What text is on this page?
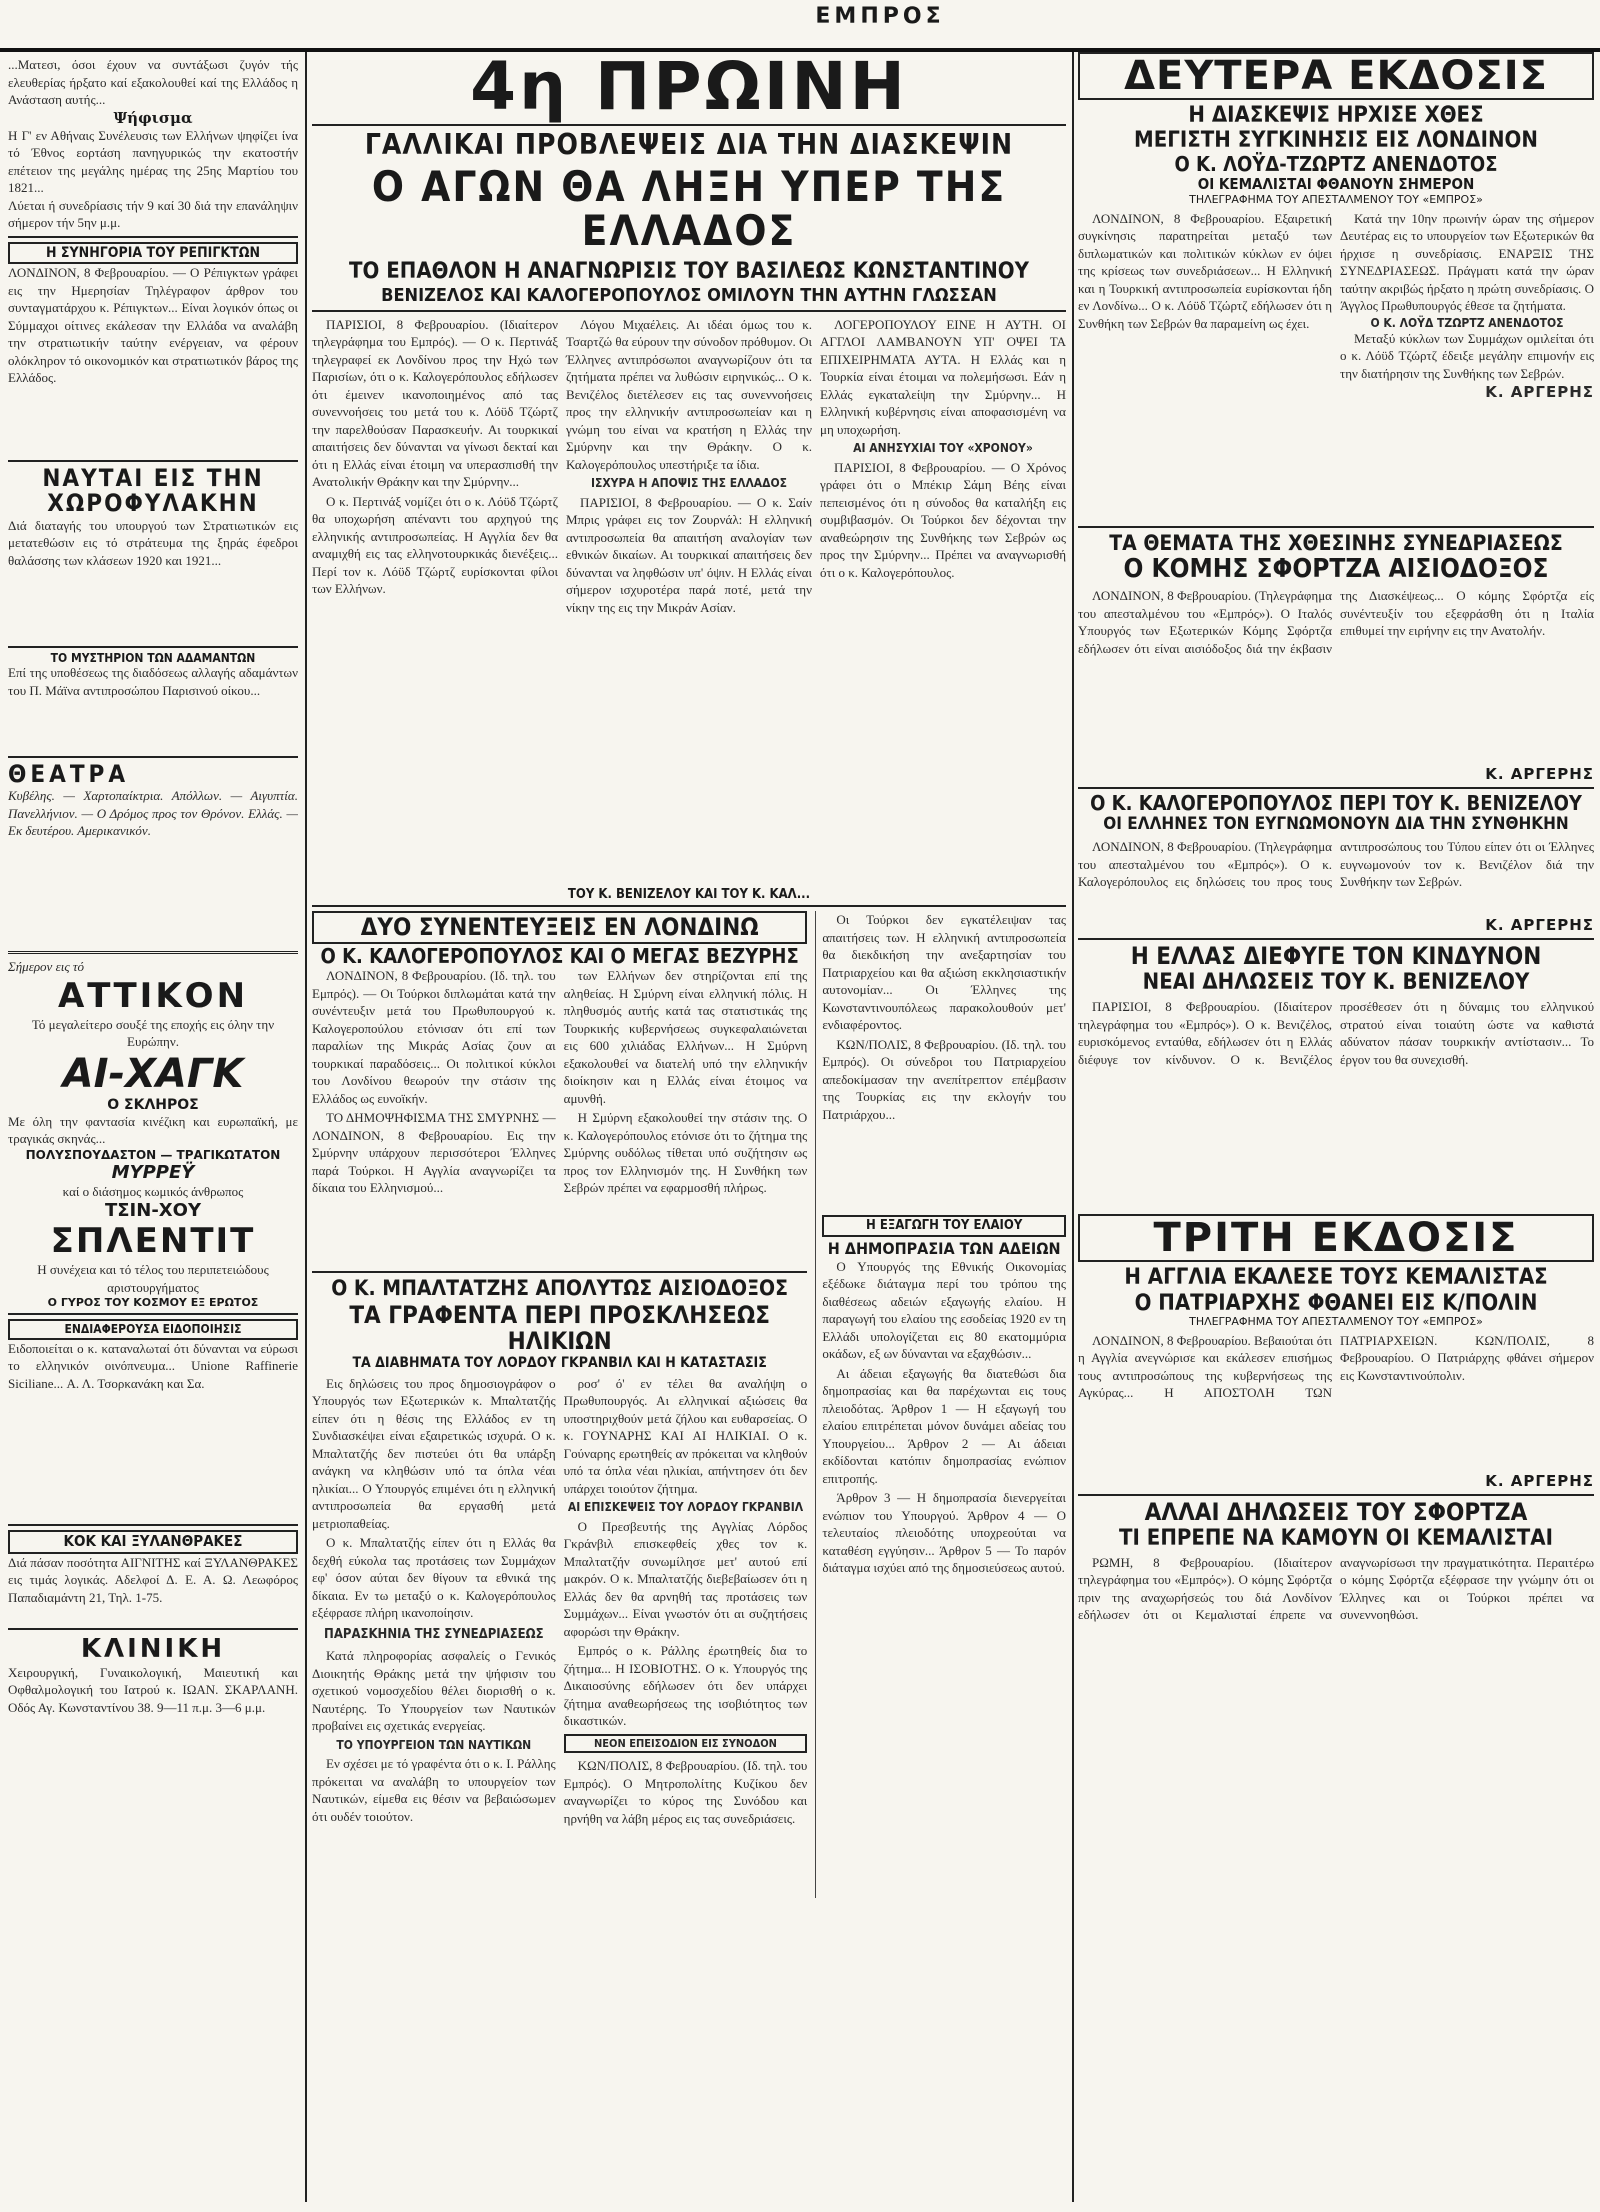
ΕΜΠΡΟΣ
...Ματεσι, όσοι έχουν να συντάξωσι ζυγόν τής ελευθερίας ήρξατο καί εξακολουθεί καί της Ελλάδος η Ανάσταση αυτής...
Ψήφισμα
Η Γ' εν Αθήναις Συνέλευσις των Ελλήνων ψηφίζει ίνα τό Έθνος εορτάση πανηγυρικώς την εκατοστήν επέτειον της μεγάλης ημέρας της 25ης Μαρτίου του 1821...
Λύεται ή συνεδρίασις τήν 9 καί 30 διά την επανάληψιν σήμερον τήν 5ην μ.μ.
Η ΣΥΝΗΓΟΡΙΑ ΤΟΥ ΡΕΠΙΓΚΤΩΝ
ΛΟΝΔΙΝΟΝ, 8 Φεβρουαρίου. — Ο Ρέπιγκτων γράφει εις την Ημερησίαν Τηλέγραφον άρθρον του συνταγματάρχου κ. Ρέπιγκτων... Είναι λογικόν όπως οι Σύμμαχοι οίτινες εκάλεσαν την Ελλάδα να αναλάβη την στρατιωτικήν ταύτην ενέργειαν, να φέρουν ολόκληρον τό οικονομικόν και στρατιωτικόν βάρος της Ελλάδος.
ΝΑΥΤΑΙ ΕΙΣ ΤΗΝ ΧΩΡΟΦΥΛΑΚΗΝ
Διά διαταγής του υπουργού των Στρατιωτικών εις μετατεθώσιν εις τό στράτευμα της ξηράς έφεδροι θαλάσσης των κλάσεων 1920 και 1921...
ΤΟ ΜΥΣΤΗΡΙΟΝ ΤΩΝ ΑΔΑΜΑΝΤΩΝ
Επί της υποθέσεως της διαδόσεως αλλαγής αδαμάντων του Π. Μάϊνα αντιπροσώπου Παρισινού οίκου...
ΘΕΑΤΡΑ
Κυβέλης. — Χαρτοπαίκτρια. Απόλλων. — Αιγυπτία. Πανελλήνιον. — Ο Δρόμος προς τον Θρόνον. Ελλάς. — Εκ δευτέρου. Αμερικανικόν.
Σήμερον εις τό
ΑΤΤΙΚΟΝ
Τό μεγαλείτερο σουξέ της εποχής εις όλην την Ευρώπην.
ΑΙ-ΧΑΓΚ
Ο ΣΚΛΗΡΟΣ
Με όλη την φαντασία κινέζικη και ευρωπαϊκή, με τραγικάς σκηνάς...
ΠΟΛΥΣΠΟΥΔΑΣΤΟΝ — ΤΡΑΓΙΚΩΤΑΤΟΝ
ΜΥΡΡΕΫ
καί ο διάσημος κωμικός άνθρωπος
ΤΣΙΝ-ΧΟΥ
ΣΠΛΕΝΤΙΤ
Η συνέχεια και τό τέλος του περιπετειώδους αριστουργήματος
Ο ΓΥΡΟΣ ΤΟΥ ΚΟΣΜΟΥ ΕΞ ΕΡΩΤΟΣ
ΕΝΔΙΑΦΕΡΟΥΣΑ ΕΙΔΟΠΟΙΗΣΙΣ
Ειδοποιείται ο κ. καταναλωταί ότι δύνανται να εύρωσι το ελληνικόν οινόπνευμα... Unione Raffinerie Siciliane... Α. Λ. Τσορκανάκη και Σα.
ΚΟΚ ΚΑΙ ΞΥΛΑΝΘΡΑΚΕΣ
Διά πάσαν ποσότητα ΑΙΓΝΙΤΗΣ καί ΞΥΛΑΝΘΡΑΚΕΣ εις τιμάς λογικάς. Αδελφοί Δ. Ε. Α. Ω. Λεωφόρος Παπαδιαμάντη 21, Τηλ. 1-75.
ΚΛΙΝΙΚΗ
Χειρουργική, Γυναικολογική, Μαιευτική και Οφθαλμολογική του Ιατρού κ. ΙΩΑΝ. ΣΚΑΡΛΑΝΗ. Οδός Αγ. Κωνσταντίνου 38. 9—11 π.μ. 3—6 μ.μ.
4η ΠΡΩΙΝΗ
ΓΑΛΛΙΚΑΙ ΠΡΟΒΛΕΨΕΙΣ ΔΙΑ ΤΗΝ ΔΙΑΣΚΕΨΙΝ
Ο ΑΓΩΝ ΘΑ ΛΗΞΗ ΥΠΕΡ ΤΗΣ ΕΛΛΑΔΟΣ
ΤΟ ΕΠΑΘΛΟΝ Η ΑΝΑΓΝΩΡΙΣΙΣ ΤΟΥ ΒΑΣΙΛΕΩΣ ΚΩΝΣΤΑΝΤΙΝΟΥ
ΒΕΝΙΖΕΛΟΣ ΚΑΙ ΚΑΛΟΓΕΡΟΠΟΥΛΟΣ ΟΜΙΛΟΥΝ ΤΗΝ ΑΥΤΗΝ ΓΛΩΣΣΑΝ

ΠΑΡΙΣΙΟΙ, 8 Φεβρουαρίου. (Ιδιαίτερον τηλεγράφημα του Εμπρός). — Ο κ. Περτινάξ τηλεγραφεί εκ Λονδίνου προς την Ηχώ των Παρισίων, ότι ο κ. Καλογερόπουλος εδήλωσεν ότι έμεινεν ικανοποιημένος από τας συνεννοήσεις του μετά του κ. Λόϋδ Τζώρτζ την παρελθούσαν Παρασκευήν. Αι τουρκικαί απαιτήσεις δεν δύνανται να γίνωσι δεκταί και ότι η Ελλάς είναι έτοιμη να υπερασπισθή την Ανατολικήν Θράκην και την Σμύρνην...

Ο κ. Περτινάξ νομίζει ότι ο κ. Λόϋδ Τζώρτζ θα υποχωρήση απέναντι του αρχηγού της ελληνικής αντιπροσωπείας. Η Αγγλία δεν θα αναμιχθή εις τας ελληνοτουρκικάς διενέξεις... Περί τον κ. Λόϋδ Τζώρτζ ευρίσκονται φίλοι των Ελλήνων.

Λόγου Μιχαέλεις. Αι ιδέαι όμως του κ. Τσαρτζώ θα εύρουν την σύνοδον πρόθυμον. Οι Έλληνες αντιπρόσωποι αναγνωρίζουν ότι τα ζητήματα πρέπει να λυθώσιν ειρηνικώς... Ο κ. Βενιζέλος διετέλεσεν εις τας συνεννοήσεις προς την ελληνικήν αντιπροσωπείαν και η γνώμη του είναι να κρατήση η Ελλάς την Σμύρνην και την Θράκην. Ο κ. Καλογερόπουλος υπεστήριξε τα ίδια.

ΙΣΧΥΡΑ Η ΑΠΟΨΙΣ ΤΗΣ ΕΛΛΑΔΟΣ

ΠΑΡΙΣΙΟΙ, 8 Φεβρουαρίου. — Ο κ. Σαίν Μπρις γράφει εις τον Ζουρνάλ: Η ελληνική αντιπροσωπεία θα απαιτήση αναλογίαν των εθνικών δικαίων. Αι τουρκικαί απαιτήσεις δεν δύνανται να ληφθώσιν υπ' όψιν. Η Ελλάς είναι σήμερον ισχυροτέρα παρά ποτέ, μετά την νίκην της εις την Μικράν Ασίαν.

ΛΟΓΕΡΟΠΟΥΛΟΥ ΕΙΝΕ Η ΑΥΤΗ. ΟΙ ΑΓΓΛΟΙ ΛΑΜΒΑΝΟΥΝ ΥΠ' ΟΨΕΙ ΤΑ ΕΠΙΧΕΙΡΗΜΑΤΑ ΑΥΤΑ. Η Ελλάς και η Τουρκία είναι έτοιμαι να πολεμήσωσι. Εάν η Ελλάς εγκαταλείψη την Σμύρνην... Η Ελληνική κυβέρνησις είναι αποφασισμένη να μη υποχωρήση.

ΑΙ ΑΝΗΣΥΧΙΑΙ ΤΟΥ «ΧΡΟΝΟΥ»

ΠΑΡΙΣΙΟΙ, 8 Φεβρουαρίου. — Ο Χρόνος γράφει ότι ο Μπέκιρ Σάμη Βέης είναι πεπεισμένος ότι η σύνοδος θα καταλήξη εις συμβιβασμόν. Οι Τούρκοι δεν δέχονται την αναθεώρησιν της Συνθήκης των Σεβρών ως προς την Σμύρνην... Πρέπει να αναγνωρισθή ότι ο κ. Καλογερόπουλος.

ΤΟΥ Κ. ΒΕΝΙΖΕΛΟΥ ΚΑΙ ΤΟΥ Κ. ΚΑΛ...
ΔΥΟ ΣΥΝΕΝΤΕΥΞΕΙΣ ΕΝ ΛΟΝΔΙΝΩ
Ο Κ. ΚΑΛΟΓΕΡΟΠΟΥΛΟΣ ΚΑΙ Ο ΜΕΓΑΣ ΒΕΖΥΡΗΣ

ΛΟΝΔΙΝΟΝ, 8 Φεβρουαρίου. (Ιδ. τηλ. του Εμπρός). — Οι Τούρκοι διπλωμάται κατά την συνέντευξιν μετά του Πρωθυπουργού κ. Καλογεροπούλου ετόνισαν ότι επί των παραλίων της Μικράς Ασίας ζουν αι τουρκικαί παραδόσεις... Οι πολιτικοί κύκλοι του Λονδίνου θεωρούν την στάσιν της Ελλάδος ως ευνοϊκήν.

ΤΟ ΔΗΜΟΨΗΦΙΣΜΑ ΤΗΣ ΣΜΥΡΝΗΣ — ΛΟΝΔΙΝΟΝ, 8 Φεβρουαρίου. Εις την Σμύρνην υπάρχουν περισσότεροι Έλληνες παρά Τούρκοι. Η Αγγλία αναγνωρίζει τα δίκαια του Ελληνισμού...

των Ελλήνων δεν στηρίζονται επί της αληθείας. Η Σμύρνη είναι ελληνική πόλις. Η πληθυσμός αυτής κατά τας στατιστικάς της Τουρκικής κυβερνήσεως συγκεφαλαιώνεται εις 600 χιλιάδας Ελλήνων... Η Σμύρνη εξακολουθεί να διατελή υπό την ελληνικήν διοίκησιν και η Ελλάς είναι έτοιμος να αμυνθή.

Η Σμύρνη εξακολουθεί την στάσιν της. Ο κ. Καλογερόπουλος ετόνισε ότι το ζήτημα της Σμύρνης ουδόλως τίθεται υπό συζήτησιν ως προς τον Ελληνισμόν της. Η Συνθήκη των Σεβρών πρέπει να εφαρμοσθή πλήρως.

Ο Κ. ΜΠΑΛΤΑΤΖΗΣ ΑΠΟΛΥΤΩΣ ΑΙΣΙΟΔΟΞΟΣ
ΤΑ ΓΡΑΦΕΝΤΑ ΠΕΡΙ ΠΡΟΣΚΛΗΣΕΩΣ ΗΛΙΚΙΩΝ
ΤΑ ΔΙΑΒΗΜΑΤΑ ΤΟΥ ΛΟΡΔΟΥ ΓΚΡΑΝΒΙΛ ΚΑΙ Η ΚΑΤΑΣΤΑΣΙΣ

Εις δηλώσεις του προς δημοσιογράφον ο Υπουργός των Εξωτερικών κ. Μπαλτατζής είπεν ότι η θέσις της Ελλάδος εν τη Συνδιασκέψει είναι εξαιρετικώς ισχυρά. Ο κ. Μπαλτατζής δεν πιστεύει ότι θα υπάρξη ανάγκη να κληθώσιν υπό τα όπλα νέαι ηλικίαι... Ο Υπουργός επιμένει ότι η ελληνική αντιπροσωπεία θα εργασθή μετά μετριοπαθείας.

Ο κ. Μπαλτατζής είπεν ότι η Ελλάς θα δεχθή εύκολα τας προτάσεις των Συμμάχων εφ' όσον αύται δεν θίγουν τα εθνικά της δίκαια. Εν τω μεταξύ ο κ. Καλογερόπουλος εξέφρασε πλήρη ικανοποίησιν.

ΠΑΡΑΣΚΗΝΙΑ ΤΗΣ ΣΥΝΕΔΡΙΑΣΕΩΣ

Κατά πληροφορίας ασφαλείς ο Γενικός Διοικητής Θράκης μετά την ψήφισιν του σχετικού νομοσχεδίου θέλει διορισθή ο κ. Ναυτέρης. Το Υπουργείον των Ναυτικών προβαίνει εις σχετικάς ενεργείας.

ΤΟ ΥΠΟΥΡΓΕΙΟΝ ΤΩΝ ΝΑΥΤΙΚΩΝ

Εν σχέσει με τό γραφέντα ότι ο κ. Ι. Ράλλης πρόκειται να αναλάβη το υπουργείον των Ναυτικών, είμεθα εις θέσιν να βεβαιώσωμεν ότι ουδέν τοιούτον.

ροσ' ό' εν τέλει θα αναλήψη ο Πρωθυπουργός. Αι ελληνικαί αξιώσεις θα υποστηριχθούν μετά ζήλου και ευθαρσείας. Ο κ. ΓΟΥΝΑΡΗΣ ΚΑΙ ΑΙ ΗΛΙΚΙΑΙ. Ο κ. Γούναρης ερωτηθείς αν πρόκειται να κληθούν υπό τα όπλα νέαι ηλικίαι, απήντησεν ότι δεν υπάρχει τοιούτον ζήτημα.

ΑΙ ΕΠΙΣΚΕΨΕΙΣ ΤΟΥ ΛΟΡΔΟΥ ΓΚΡΑΝΒΙΛ

Ο Πρεσβευτής της Αγγλίας Λόρδος Γκράνβιλ επισκεφθείς χθες τον κ. Μπαλτατζήν συνωμίλησε μετ' αυτού επί μακρόν. Ο κ. Μπαλτατζής διεβεβαίωσεν ότι η Ελλάς δεν θα αρνηθή τας προτάσεις των Συμμάχων... Είναι γνωστόν ότι αι συζητήσεις αφορώσι την Θράκην.

Εμπρός ο κ. Ράλλης έρωτηθείς δια το ζήτημα... Η ΙΣΟΒΙΟΤΗΣ. Ο κ. Υπουργός της Δικαιοσύνης εδήλωσεν ότι δεν υπάρχει ζήτημα αναθεωρήσεως της ισοβιότητος των δικαστικών.

ΝΕΟΝ ΕΠΕΙΣΟΔΙΟΝ ΕΙΣ ΣΥΝΟΔΟΝ

ΚΩΝ/ΠΟΛΙΣ, 8 Φεβρουαρίου. (Ιδ. τηλ. του Εμπρός). Ο Μητροπολίτης Κυζίκου δεν αναγνωρίζει το κύρος της Συνόδου και ηρνήθη να λάβη μέρος εις τας συνεδριάσεις.

Οι Τούρκοι δεν εγκατέλειψαν τας απαιτήσεις των. Η ελληνική αντιπροσωπεία θα διεκδικήση την ανεξαρτησίαν του Πατριαρχείου και θα αξιώση εκκλησιαστικήν αυτονομίαν... Οι Έλληνες της Κωνσταντινουπόλεως παρακολουθούν μετ' ενδιαφέροντος.

ΚΩΝ/ΠΟΛΙΣ, 8 Φεβρουαρίου. (Ιδ. τηλ. του Εμπρός). Οι σύνεδροι του Πατριαρχείου απεδοκίμασαν την ανεπίτρεπτον επέμβασιν της Τουρκίας εις την εκλογήν του Πατριάρχου...

Η ΕΞΑΓΩΓΗ ΤΟΥ ΕΛΑΙΟΥ
Η ΔΗΜΟΠΡΑΣΙΑ ΤΩΝ ΑΔΕΙΩΝ

Ο Υπουργός της Εθνικής Οικονομίας εξέδωκε διάταγμα περί του τρόπου της διαθέσεως αδειών εξαγωγής ελαίου. Η παραγωγή του ελαίου της εσοδείας 1920 εν τη Ελλάδι υπολογίζεται εις 80 εκατομμύρια οκάδων, εξ ων δύνανται να εξαχθώσιν...

Αι άδειαι εξαγωγής θα διατεθώσι δια δημοπρασίας και θα παρέχωνται εις τους πλειοδότας. Άρθρον 1 — Η εξαγωγή του ελαίου επιτρέπεται μόνον δυνάμει αδείας του Υπουργείου... Άρθρον 2 — Αι άδειαι εκδίδονται κατόπιν δημοπρασίας ενώπιον επιτροπής.

Άρθρον 3 — Η δημοπρασία διενεργείται ενώπιον του Υπουργού. Άρθρον 4 — Ο τελευταίος πλειοδότης υποχρεούται να καταθέση εγγύησιν... Άρθρον 5 — Το παρόν διάταγμα ισχύει από της δημοσιεύσεως αυτού.

ΔΕΥΤΕΡΑ ΕΚΔΟΣΙΣ
Η ΔΙΑΣΚΕΨΙΣ ΗΡΧΙΣΕ ΧΘΕΣ
ΜΕΓΙΣΤΗ ΣΥΓΚΙΝΗΣΙΣ ΕΙΣ ΛΟΝΔΙΝΟΝ
Ο Κ. ΛΟΫΔ-ΤΖΩΡΤΖ ΑΝΕΝΔΟΤΟΣ
ΟΙ ΚΕΜΑΛΙΣΤΑΙ ΦΘΑΝΟΥΝ ΣΗΜΕΡΟΝ
ΤΗΛΕΓΡΑΦΗΜΑ ΤΟΥ ΑΠΕΣΤΑΛΜΕΝΟΥ ΤΟΥ «ΕΜΠΡΟΣ»

ΛΟΝΔΙΝΟΝ, 8 Φεβρουαρίου. Εξαιρετική συγκίνησις παρατηρείται μεταξύ των διπλωματικών και πολιτικών κύκλων εν όψει της κρίσεως των συνεδριάσεων... Η Ελληνική και η Τουρκική αντιπροσωπεία ευρίσκονται ήδη εν Λονδίνω... Ο κ. Λόϋδ Τζώρτζ εδήλωσεν ότι η Συνθήκη των Σεβρών θα παραμείνη ως έχει.

Κατά την 10ην πρωινήν ώραν της σήμερον Δευτέρας εις το υπουργείον των Εξωτερικών θα ήρχισε η συνεδρίασις. ΕΝΑΡΞΙΣ ΤΗΣ ΣΥΝΕΔΡΙΑΣΕΩΣ. Πράγματι κατά την ώραν ταύτην ακριβώς ήρξατο η πρώτη συνεδρίασις. Ο Άγγλος Πρωθυπουργός έθεσε τα ζητήματα.

Ο Κ. ΛΟΫΔ ΤΖΩΡΤΖ ΑΝΕΝΔΟΤΟΣ

Μεταξύ κύκλων των Συμμάχων ομιλείται ότι ο κ. Λόϋδ Τζώρτζ έδειξε μεγάλην επιμονήν εις την διατήρησιν της Συνθήκης των Σεβρών.

Κ. ΑΡΓΕΡΗΣ
ΤΑ ΘΕΜΑΤΑ ΤΗΣ ΧΘΕΣΙΝΗΣ ΣΥΝΕΔΡΙΑΣΕΩΣ
Ο ΚΟΜΗΣ ΣΦΟΡΤΖΑ ΑΙΣΙΟΔΟΞΟΣ

ΛΟΝΔΙΝΟΝ, 8 Φεβρουαρίου. (Τηλεγράφημα του απεσταλμένου του «Εμπρός»). Ο Ιταλός Υπουργός των Εξωτερικών Κόμης Σφόρτζα εδήλωσεν ότι είναι αισιόδοξος διά την έκβασιν της Διασκέψεως... Ο κόμης Σφόρτζα είς συνέντευξίν του εξεφράσθη ότι η Ιταλία επιθυμεί την ειρήνην εις την Ανατολήν.

Κ. ΑΡΓΕΡΗΣ
Ο Κ. ΚΑΛΟΓΕΡΟΠΟΥΛΟΣ ΠΕΡΙ ΤΟΥ Κ. ΒΕΝΙΖΕΛΟΥ
ΟΙ ΕΛΛΗΝΕΣ ΤΟΝ ΕΥΓΝΩΜΟΝΟΥΝ ΔΙΑ ΤΗΝ ΣΥΝΘΗΚΗΝ

ΛΟΝΔΙΝΟΝ, 8 Φεβρουαρίου. (Τηλεγράφημα του απεσταλμένου του «Εμπρός»). Ο κ. Καλογερόπουλος εις δηλώσεις του προς τους αντιπροσώπους του Τύπου είπεν ότι οι Έλληνες ευγνωμονούν τον κ. Βενιζέλον διά την Συνθήκην των Σεβρών.

Κ. ΑΡΓΕΡΗΣ
Η ΕΛΛΑΣ ΔΙΕΦΥΓΕ ΤΟΝ ΚΙΝΔΥΝΟΝ
ΝΕΑΙ ΔΗΛΩΣΕΙΣ ΤΟΥ Κ. ΒΕΝΙΖΕΛΟΥ

ΠΑΡΙΣΙΟΙ, 8 Φεβρουαρίου. (Ιδιαίτερον τηλεγράφημα του «Εμπρός»). Ο κ. Βενιζέλος, ευρισκόμενος ενταύθα, εδήλωσεν ότι η Ελλάς διέφυγε τον κίνδυνον. Ο κ. Βενιζέλος προσέθεσεν ότι η δύναμις του ελληνικού στρατού είναι τοιαύτη ώστε να καθιστά αδύνατον πάσαν τουρκικήν αντίστασιν... Το έργον του θα συνεχισθή.

ΤΡΙΤΗ ΕΚΔΟΣΙΣ
Η ΑΓΓΛΙΑ ΕΚΑΛΕΣΕ ΤΟΥΣ ΚΕΜΑΛΙΣΤΑΣ
Ο ΠΑΤΡΙΑΡΧΗΣ ΦΘΑΝΕΙ ΕΙΣ Κ/ΠΟΛΙΝ
ΤΗΛΕΓΡΑΦΗΜΑ ΤΟΥ ΑΠΕΣΤΑΛΜΕΝΟΥ ΤΟΥ «ΕΜΠΡΟΣ»

ΛΟΝΔΙΝΟΝ, 8 Φεβρουαρίου. Βεβαιούται ότι η Αγγλία ανεγνώρισε και εκάλεσεν επισήμως τους αντιπροσώπους της κυβερνήσεως της Αγκύρας... Η ΑΠΟΣΤΟΛΗ ΤΩΝ ΠΑΤΡΙΑΡΧΕΙΩΝ. ΚΩΝ/ΠΟΛΙΣ, 8 Φεβρουαρίου. Ο Πατριάρχης φθάνει σήμερον εις Κωνσταντινούπολιν.

Κ. ΑΡΓΕΡΗΣ
ΑΛΛΑΙ ΔΗΛΩΣΕΙΣ ΤΟΥ ΣΦΟΡΤΖΑ
ΤΙ ΕΠΡΕΠΕ ΝΑ ΚΑΜΟΥΝ ΟΙ ΚΕΜΑΛΙΣΤΑΙ

ΡΩΜΗ, 8 Φεβρουαρίου. (Ιδιαίτερον τηλεγράφημα του «Εμπρός»). Ο κόμης Σφόρτζα πριν της αναχωρήσεώς του διά Λονδίνον εδήλωσεν ότι οι Κεμαλισταί έπρεπε να αναγνωρίσωσι την πραγματικότητα. Περαιτέρω ο κόμης Σφόρτζα εξέφρασε την γνώμην ότι οι Έλληνες και οι Τούρκοι πρέπει να συνεννοηθώσι.
